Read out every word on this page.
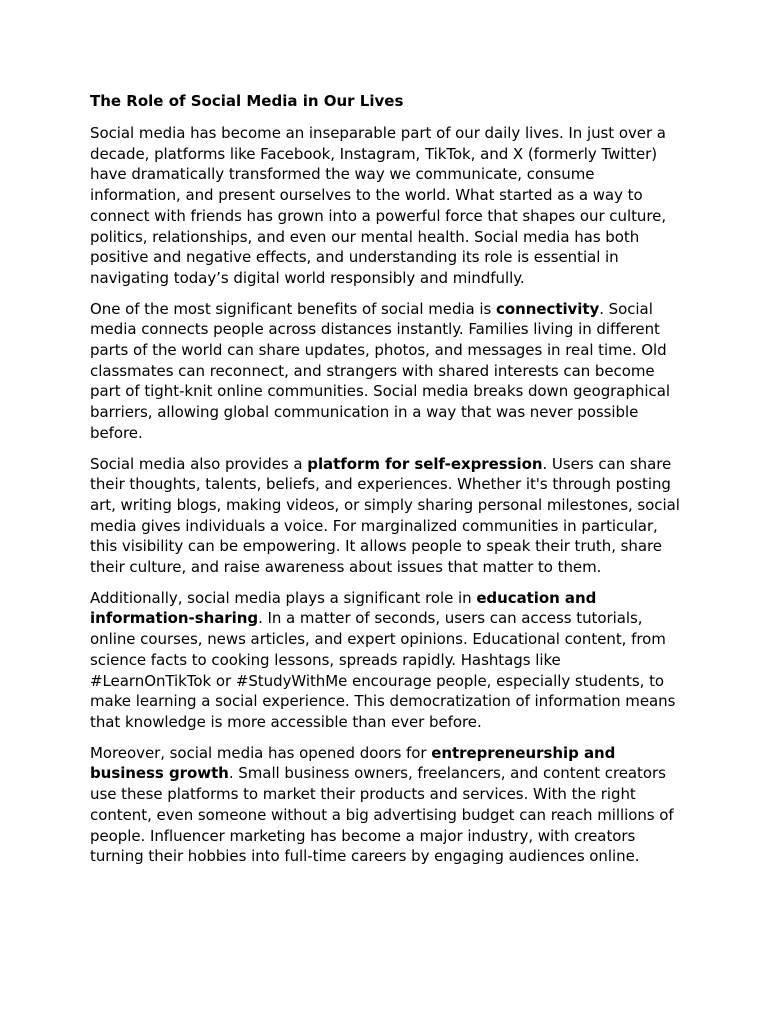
The Role of Social Media in Our Lives

Social media has become an inseparable part of our daily lives. In just over a decade, platforms like Facebook, Instagram, TikTok, and X (formerly Twitter) have dramatically transformed the way we communicate, consume information, and present ourselves to the world. What started as a way to connect with friends has grown into a powerful force that shapes our culture, politics, relationships, and even our mental health. Social media has both positive and negative effects, and understanding its role is essential in navigating today’s digital world responsibly and mindfully.

One of the most significant benefits of social media is connectivity. Social media connects people across distances instantly. Families living in different parts of the world can share updates, photos, and messages in real time. Old classmates can reconnect, and strangers with shared interests can become part of tight-knit online communities. Social media breaks down geographical barriers, allowing global communication in a way that was never possible before.

Social media also provides a platform for self-expression. Users can share their thoughts, talents, beliefs, and experiences. Whether it's through posting art, writing blogs, making videos, or simply sharing personal milestones, social media gives individuals a voice. For marginalized communities in particular, this visibility can be empowering. It allows people to speak their truth, share their culture, and raise awareness about issues that matter to them.

Additionally, social media plays a significant role in education and information-sharing. In a matter of seconds, users can access tutorials, online courses, news articles, and expert opinions. Educational content, from science facts to cooking lessons, spreads rapidly. Hashtags like #LearnOnTikTok or #StudyWithMe encourage people, especially students, to make learning a social experience. This democratization of information means that knowledge is more accessible than ever before.

Moreover, social media has opened doors for entrepreneurship and business growth. Small business owners, freelancers, and content creators use these platforms to market their products and services. With the right content, even someone without a big advertising budget can reach millions of people. Influencer marketing has become a major industry, with creators turning their hobbies into full-time careers by engaging audiences online.
